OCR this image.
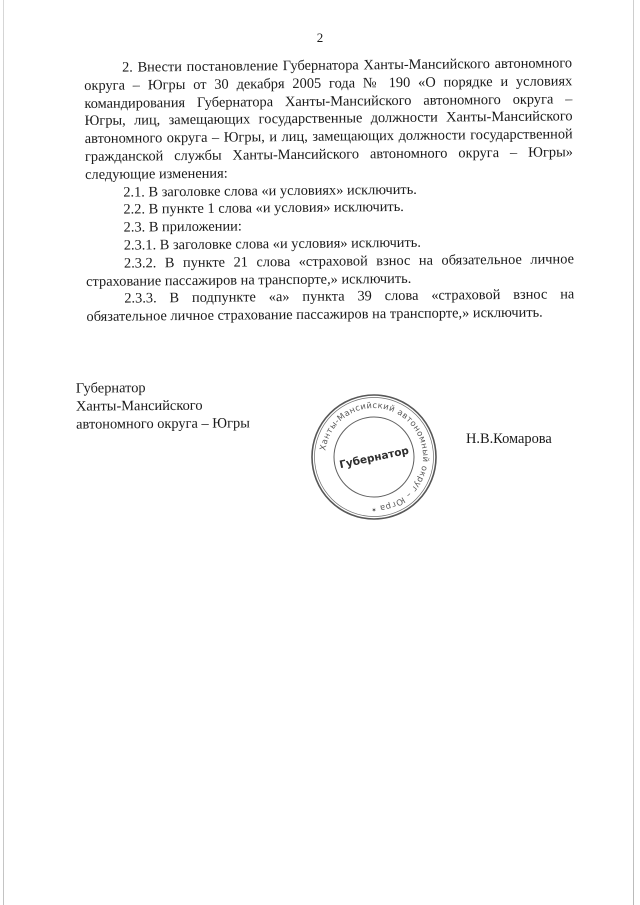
2

2. Внести постановление Губернатора Ханты-Мансийского автономного округа – Югры от 30 декабря 2005 года № 190 «О порядке и условиях командирования Губернатора Ханты-Мансийского автономного округа – Югры, лиц, замещающих государственные должности Ханты-Мансийского автономного округа – Югры, и лиц, замещающих должности государственной гражданской службы Ханты-Мансийского автономного округа – Югры» следующие изменения:

2.1. В заголовке слова «и условиях» исключить.

2.2. В пункте 1 слова «и условия» исключить.

2.3. В приложении:

2.3.1. В заголовке слова «и условия» исключить.

2.3.2. В пункте 21 слова «страховой взнос на обязательное личное страхование пассажиров на транспорте,» исключить.

2.3.3. В подпункте «а» пункта 39 слова «страховой взнос на обязательное личное страхование пассажиров на транспорте,» исключить.

Губернатор
Ханты-Мансийского
автономного округа – Югры
Н.В.Комарова
Ханты-Мансийский автономный округ – Югра
Губернатор
✶
